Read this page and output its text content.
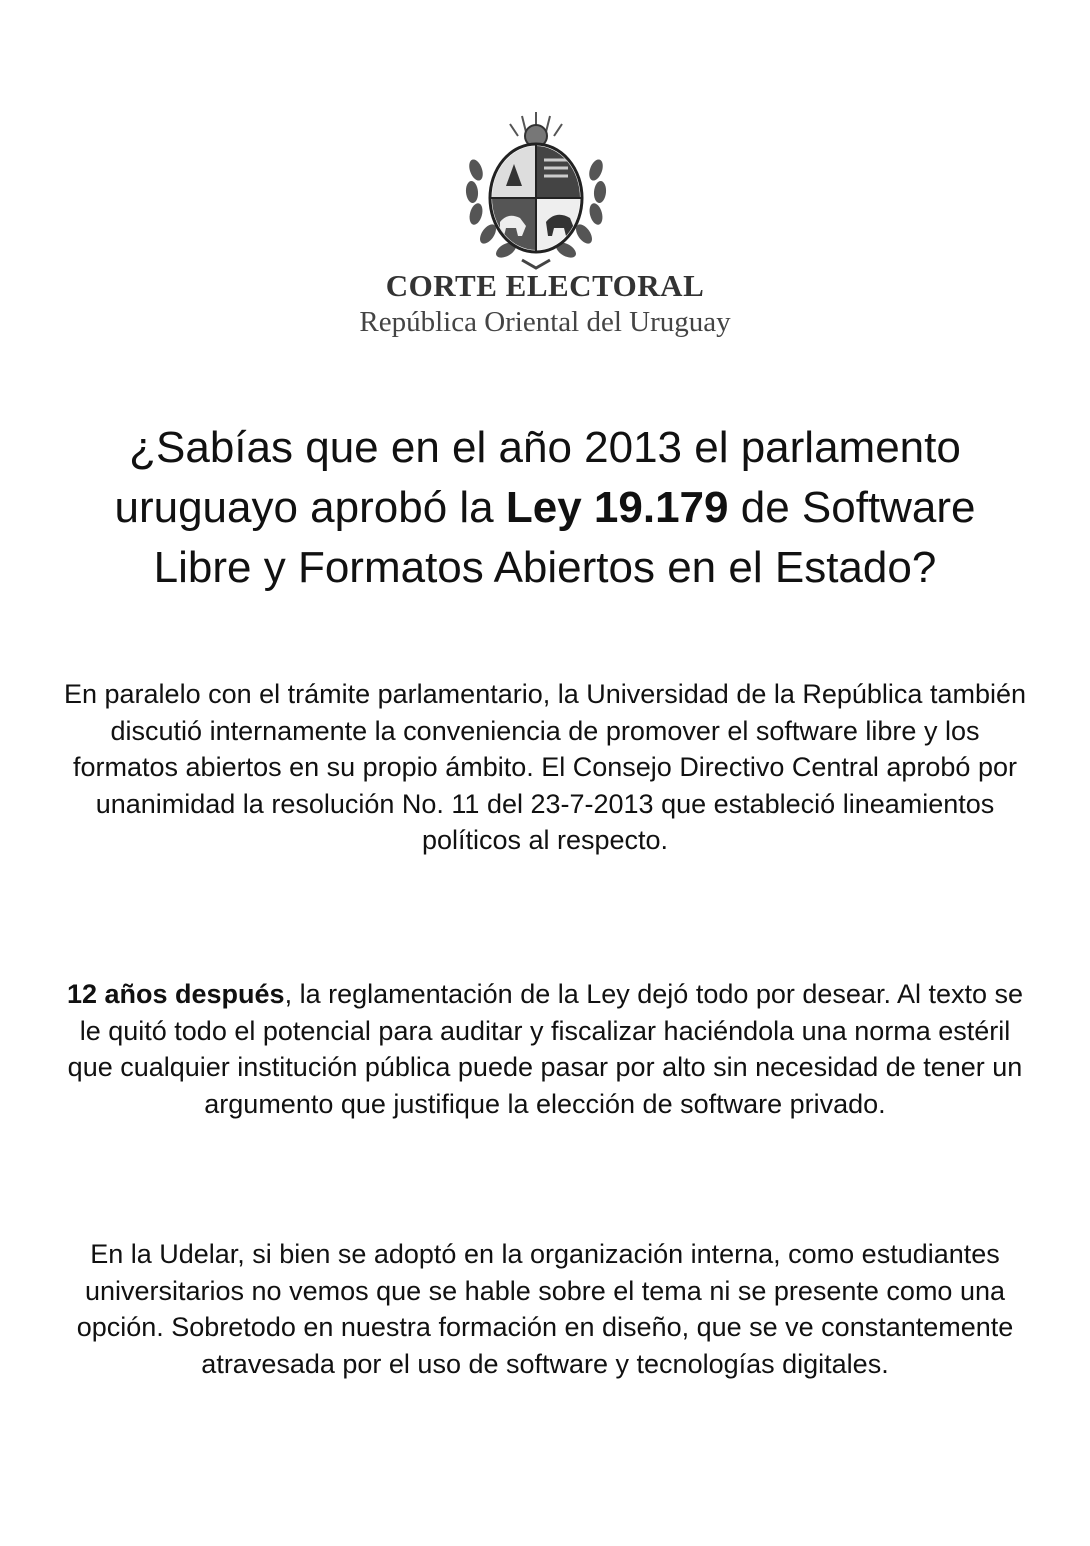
CORTE ELECTORAL
República Oriental del Uruguay
¿Sabías que en el año 2013 el parlamento uruguayo aprobó la Ley 19.179 de Software Libre y Formatos Abiertos en el Estado?
En paralelo con el trámite parlamentario, la Universidad de la República también discutió internamente la conveniencia de promover el software libre y los formatos abiertos en su propio ámbito. El Consejo Directivo Central aprobó por unanimidad la resolución No. 11 del 23-7-2013 que estableció lineamientos políticos al respecto.
12 años después, la reglamentación de la Ley dejó todo por desear. Al texto se le quitó todo el potencial para auditar y fiscalizar haciéndola una norma estéril que cualquier institución pública puede pasar por alto sin necesidad de tener un argumento que justifique la elección de software privado.
En la Udelar, si bien se adoptó en la organización interna, como estudiantes universitarios no vemos que se hable sobre el tema ni se presente como una opción. Sobretodo en nuestra formación en diseño, que se ve constantemente atravesada por el uso de software y tecnologías digitales.
